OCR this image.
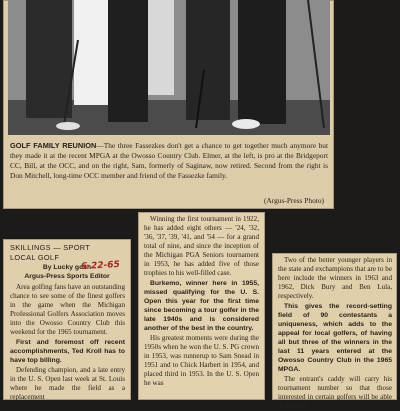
GOLF FAMILY REUNION—The three Fassezkes don't get a chance to get together much anymore but they made it at the recent MPGA at the Owosso Country Club. Elmer, at the left, is pro at the Bridgeport CC, Bill, at the OCC, and on the right, Sam, formerly of Saginaw, now retired. Second from the right is Don Mitchell, long-time OCC member and friend of the Fassezke family.
(Argus-Press Photo)
SKILLINGS — SPORT
LOCAL GOLF
By Lucky gosh
Argus-Press Sports Editor
6-22-65

Area golfing fans have an outstanding chance to see some of the finest golfers in the game when the Michigan Professional Golfers Association moves into the Owosso Country Club this weekend for the 1965 tournament.

First and foremost off recent accomplishments, Ted Kroll has to have top billing.

Defending champion, and a late entry in the U. S. Open last week at St. Louis where he made the field as a replacement

Winning the first tournament in 1922, he has added eight others — '24, '32, '36, '37, '39, '41, and '54 — for a grand total of nine, and since the inception of the Michigan PGA Seniors tournament in 1953, he has added five of those trophies to his well-filled case.

Burkemo, winner here in 1955, missed qualifying for the U. S. Open this year for the first time since becoming a tour golfer in the late 1940s and is considered another of the best in the country.

His greatest moments were during the 1950s when he won the U. S. PG crown in 1953, was runnerup to Sam Snead in 1951 and to Chick Harbert in 1954, and placed third in 1953. In the U. S. Open he was

Two of the better younger players in the state and exchampions that are to be here include the winners in 1963 and 1962, Dick Bury and Ben Lula, respectively.

This gives the record-setting field of 90 contestants a uniqueness, which adds to the appeal for local golfers, of having all but three of the winners in the last 11 years entered at the Owosso Country Club in the 1965 MPGA.

The entrant's caddy will carry his tournament number so that those interested in certain golfers will be able to identify
